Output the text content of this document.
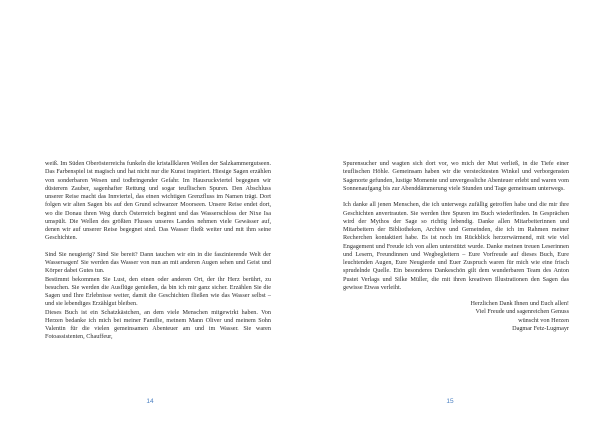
weiß. Im Süden Oberösterreichs funkeln die kristallklaren Wellen der Salzkammergutseen. Das Farbenspiel ist magisch und hat nicht nur die Kunst inspiriert. Hiesige Sagen erzählen von sonderbaren Wesen und todbringender Gefahr. Im Hausruckviertel begegnen wir düsterem Zauber, sagenhafter Rettung und sogar teuflischen Spuren. Den Abschluss unserer Reise macht das Innviertel, das einen wichtigen Grenzfluss im Namen trägt. Dort folgen wir alten Sagen bis auf den Grund schwarzer Moorseen. Unsere Reise endet dort, wo die Donau ihren Weg durch Österreich beginnt und das Wasserschloss der Nixe Isa umspült. Die Wellen des größten Flusses unseres Landes nehmen viele Gewässer auf, denen wir auf unserer Reise begegnet sind. Das Wasser fließt weiter und mit ihm seine Geschichten.

Sind Sie neugierig? Sind Sie bereit? Dann tauchen wir ein in die faszinierende Welt der Wassersagen! Sie werden das Wasser von nun an mit anderen Augen sehen und Geist und Körper dabei Gutes tun.

Bestimmt bekommen Sie Lust, den einen oder anderen Ort, der ihr Herz berührt, zu besuchen. Sie werden die Ausflüge genießen, da bin ich mir ganz sicher. Erzählen Sie die Sagen und Ihre Erlebnisse weiter, damit die Geschichten fließen wie das Wasser selbst – und sie lebendiges Erzählgut bleiben.

Dieses Buch ist ein Schatzkästchen, an dem viele Menschen mitgewirkt haben. Von Herzen bedanke ich mich bei meiner Familie, meinem Mann Oliver und meinem Sohn Valentin für die vielen gemeinsamen Abenteuer am und im Wasser. Sie waren Fotoassistenten, Chauffeur,

14

Spurensucher und wagten sich dort vor, wo mich der Mut verließ, in die Tiefe einer teuflischen Höhle. Gemeinsam haben wir die verstecktesten Winkel und verborgensten Sagenorte gefunden, lustige Momente und unvergessliche Abenteuer erlebt und waren vom Sonnenaufgang bis zur Abenddämmerung viele Stunden und Tage gemeinsam unterwegs.

Ich danke all jenen Menschen, die ich unterwegs zufällig getroffen habe und die mir ihre Geschichten anvertrauten. Sie werden ihre Spuren im Buch wiederfinden. In Gesprächen wird der Mythos der Sage so richtig lebendig. Danke allen Mitarbeiterinnen und Mitarbeitern der Bibliotheken, Archive und Gemeinden, die ich im Rahmen meiner Recherchen kontaktiert habe. Es ist noch im Rückblick herzerwärmend, mit wie viel Engagement und Freude ich von allen unterstützt wurde. Danke meinen treuen Leserinnen und Lesern, Freundinnen und Wegbegleitern – Eure Vorfreude auf dieses Buch, Eure leuchtenden Augen, Eure Neugierde und Euer Zuspruch waren für mich wie eine frisch sprudelnde Quelle. Ein besonderes Dankeschön gilt dem wunderbaren Team des Anton Pustet Verlags und Silke Müller, die mit ihren kreativen Illustrationen den Sagen das gewisse Etwas verleiht.

Herzlichen Dank Ihnen und Euch allen!

Viel Freude und sagenreichen Genuss

wünscht von Herzen

Dagmar Fetz-Lugmayr

15
